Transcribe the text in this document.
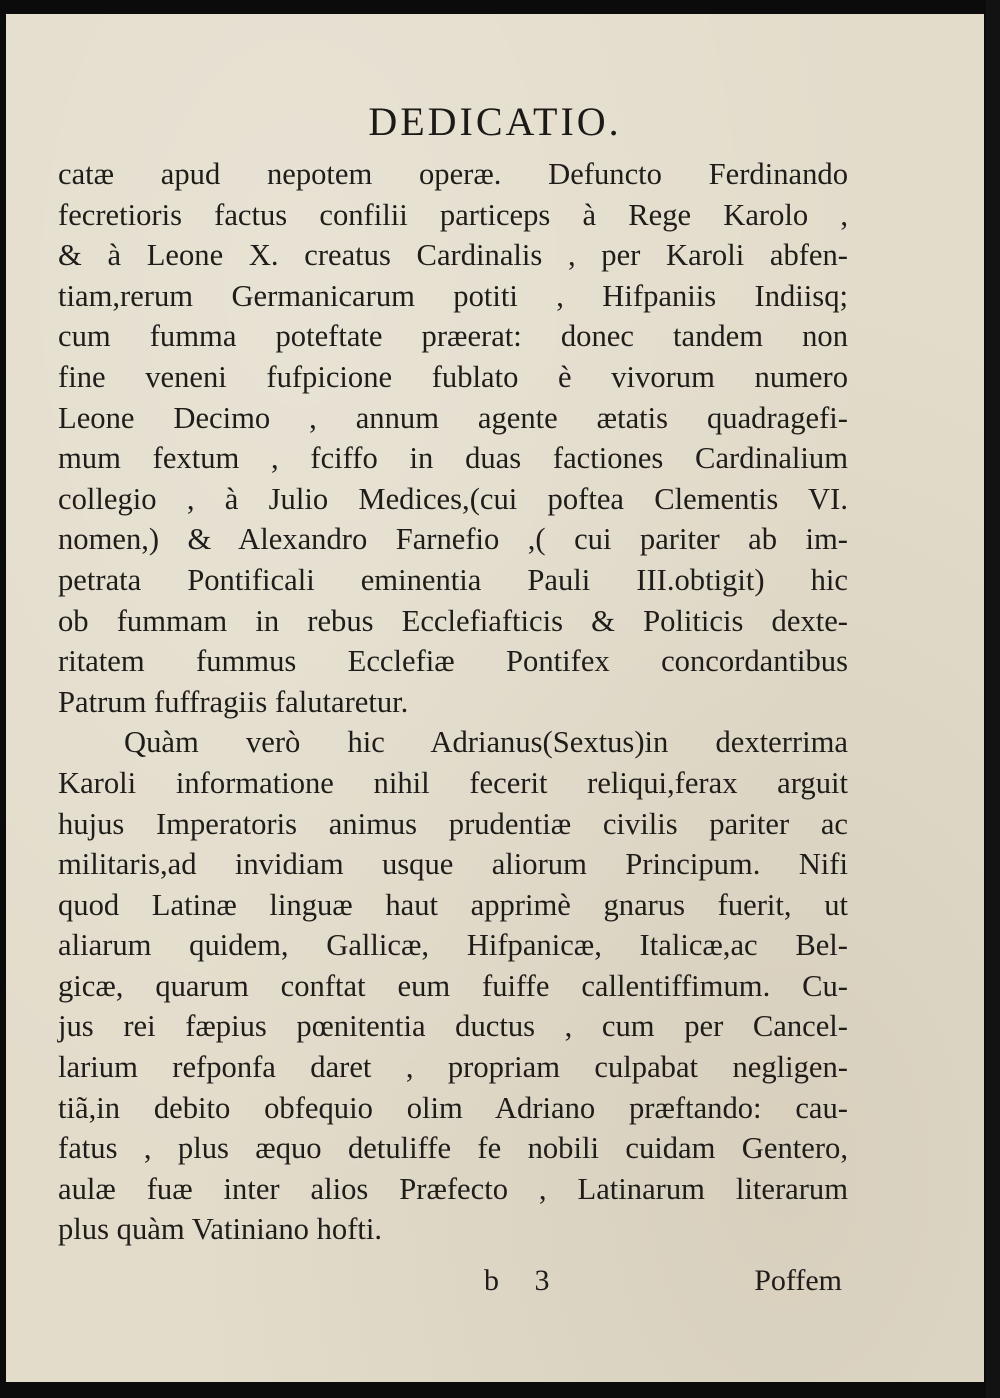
DEDICATIO.
catæ apud nepotem operæ. Defuncto Ferdinando
fecretioris factus confilii particeps à Rege Karolo ,
& à Leone X. creatus Cardinalis , per Karoli abfen-
tiam,rerum Germanicarum potiti , Hifpaniis Indiisq;
cum fumma poteftate præerat: donec tandem non
fine veneni fufpicione fublato è vivorum numero
Leone Decimo , annum agente ætatis quadragefi-
mum fextum , fciffo in duas factiones Cardinalium
collegio , à Julio Medices,(cui poftea Clementis VI.
nomen,) & Alexandro Farnefio ,( cui pariter ab im-
petrata Pontificali eminentia Pauli III.obtigit) hic
ob fummam in rebus Ecclefiafticis & Politicis dexte-
ritatem fummus Ecclefiæ Pontifex concordantibus
Patrum fuffragiis falutaretur.
Quàm verò hic Adrianus(Sextus)in dexterrima
Karoli informatione nihil fecerit reliqui,ferax arguit
hujus Imperatoris animus prudentiæ civilis pariter ac
militaris,ad invidiam usque aliorum Principum. Nifi
quod Latinæ linguæ haut apprimè gnarus fuerit, ut
aliarum quidem, Gallicæ, Hifpanicæ, Italicæ,ac Bel-
gicæ, quarum conftat eum fuiffe callentiffimum. Cu-
jus rei fæpius pœnitentia ductus , cum per Cancel-
larium refponfa daret , propriam culpabat negligen-
tiã,in debito obfequio olim Adriano præftando: cau-
fatus , plus æquo detuliffe fe nobili cuidam Gentero,
aulæ fuæ inter alios Præfecto , Latinarum literarum
plus quàm Vatiniano hofti.
b 3	Poffem
